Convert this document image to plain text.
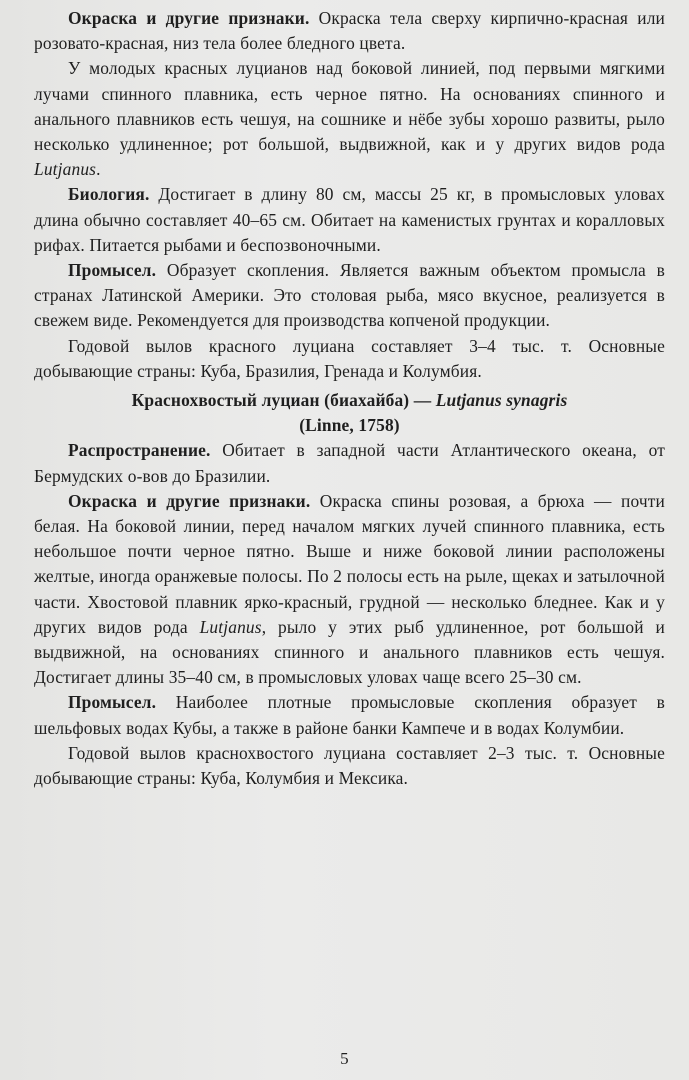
Окраска и другие признаки. Окраска тела сверху кирпично-красная или розовато-красная, низ тела более бледного цвета.

У молодых красных луцианов над боковой линией, под первыми мягкими лучами спинного плавника, есть черное пятно. На основаниях спинного и анального плавников есть чешуя, на сошнике и нёбе зубы хорошо развиты, рыло несколько удлиненное; рот большой, выдвижной, как и у других видов рода Lutjanus.

Биология. Достигает в длину 80 см, массы 25 кг, в промысловых уловах длина обычно составляет 40–65 см. Обитает на каменистых грунтах и коралловых рифах. Питается рыбами и беспозвоночными.

Промысел. Образует скопления. Является важным объектом промысла в странах Латинской Америки. Это столовая рыба, мясо вкусное, реализуется в свежем виде. Рекомендуется для производства копченой продукции.

Годовой вылов красного луциана составляет 3–4 тыс. т. Основные добывающие страны: Куба, Бразилия, Гренада и Колумбия.

Краснохвостый луциан (биахайба) — Lutjanus synagris
(Linne, 1758)

Распространение. Обитает в западной части Атлантического океана, от Бермудских о-вов до Бразилии.

Окраска и другие признаки. Окраска спины розовая, а брюха — почти белая. На боковой линии, перед началом мягких лучей спинного плавника, есть небольшое почти черное пятно. Выше и ниже боковой линии расположены желтые, иногда оранжевые полосы. По 2 полосы есть на рыле, щеках и затылочной части. Хвостовой плавник ярко-красный, грудной — несколько бледнее. Как и у других видов рода Lutjanus, рыло у этих рыб удлиненное, рот большой и выдвижной, на основаниях спинного и анального плавников есть чешуя. Достигает длины 35–40 см, в промысловых уловах чаще всего 25–30 см.

Промысел. Наиболее плотные промысловые скопления образует в шельфовых водах Кубы, а также в районе банки Кампече и в водах Колумбии.

Годовой вылов краснохвостого луциана составляет 2–3 тыс. т. Основные добывающие страны: Куба, Колумбия и Мексика.

5
